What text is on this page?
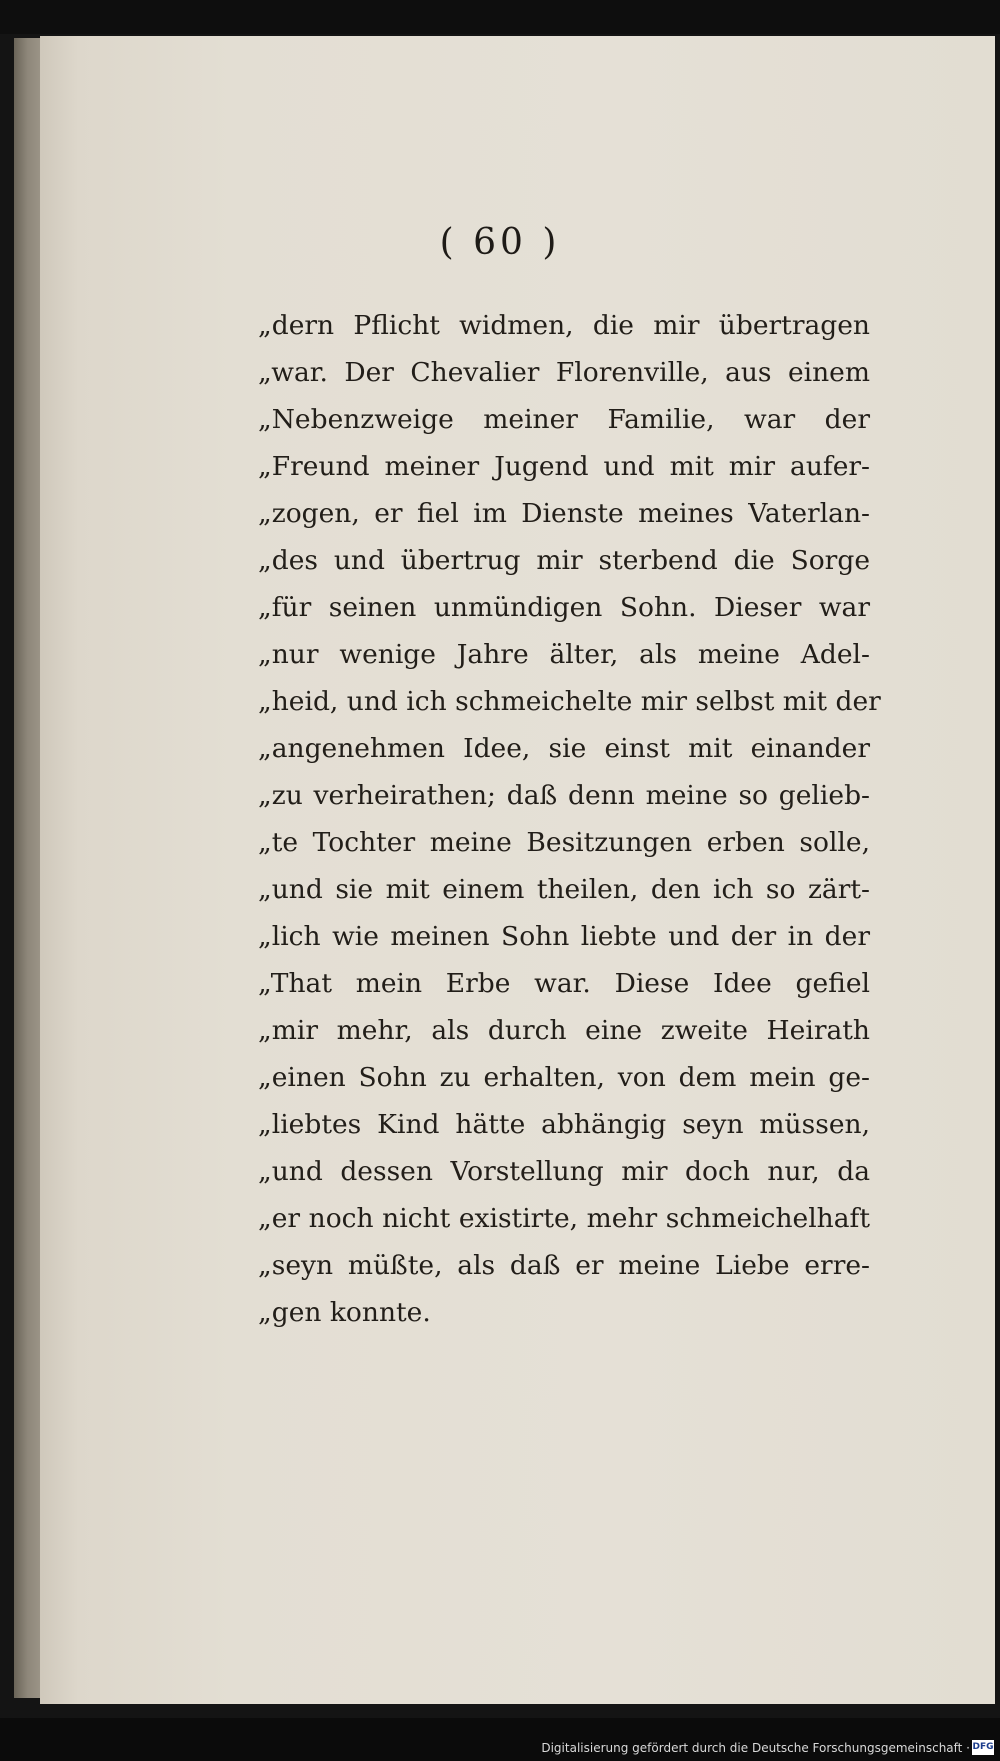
( 60 )
„dern Pflicht widmen, die mir übertragen
„war. Der Chevalier Florenville, aus einem
„Nebenzweige meiner Familie, war der
„Freund meiner Jugend und mit mir aufer-
„zogen, er fiel im Dienste meines Vaterlan-
„des und übertrug mir sterbend die Sorge
„für seinen unmündigen Sohn. Dieser war
„nur wenige Jahre älter, als meine Adel-
„heid, und ich schmeichelte mir selbst mit der
„angenehmen Idee, sie einst mit einander
„zu verheirathen; daß denn meine so gelieb-
„te Tochter meine Besitzungen erben solle,
„und sie mit einem theilen, den ich so zärt-
„lich wie meinen Sohn liebte und der in der
„That mein Erbe war. Diese Idee gefiel
„mir mehr, als durch eine zweite Heirath
„einen Sohn zu erhalten, von dem mein ge-
„liebtes Kind hätte abhängig seyn müssen,
„und dessen Vorstellung mir doch nur, da
„er noch nicht existirte, mehr schmeichelhaft
„seyn müßte, als daß er meine Liebe erre-
„gen konnte.
Digitalisierung gefördert durch die Deutsche Forschungsgemeinschaft · DFG
